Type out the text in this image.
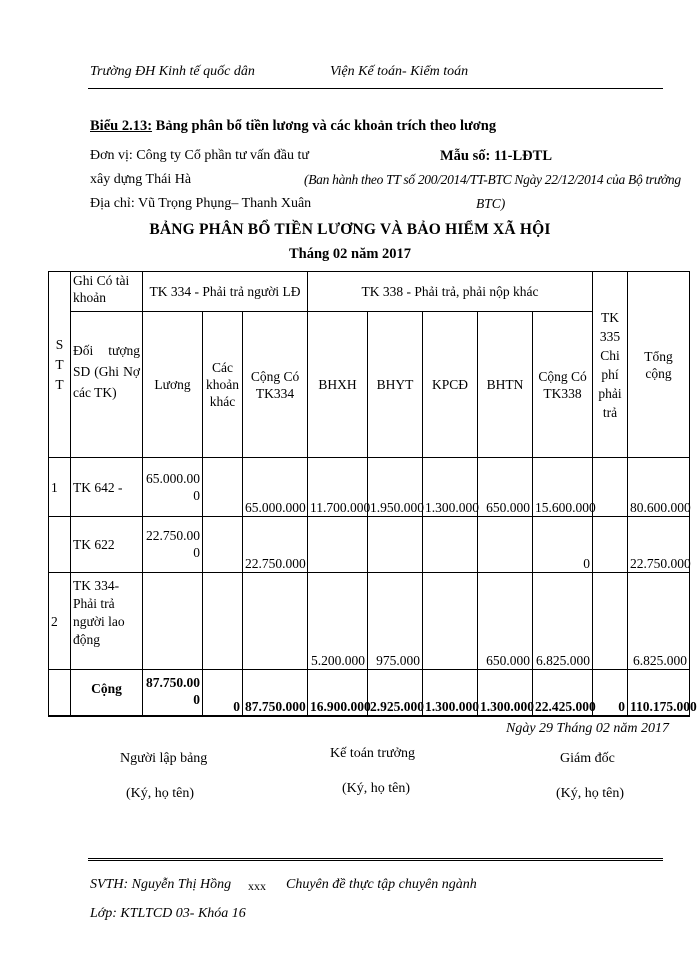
Trường ĐH Kinh tế quốc dân	Viện Kế toán- Kiểm toán
Biểu 2.13: Bảng phân bổ tiền lương và các khoản trích theo lương
Đơn vị: Công ty Cổ phần tư vấn đầu tư
xây dựng Thái Hà
Địa chỉ: Vũ Trọng Phụng– Thanh Xuân
Mẫu số: 11-LĐTL
(Ban hành theo TT số 200/2014/TT-BTC Ngày 22/12/2014 của Bộ trưởng
BTC)
BẢNG PHÂN BỔ TIỀN LƯƠNG VÀ BẢO HIỂM XÃ HỘI
Tháng 02 năm 2017
S T T	Ghi Có tài khoản	TK 334 - Phải trả người LĐ			TK 338 - Phải trả, phải nộp khác					TK 335 Chi phí phải trả	Tổng cộng
	Đối tượng SD (Ghi Nợ các TK)	Lương	Các khoản khác	Cộng Có TK334	BHXH	BHYT	KPCĐ	BHTN	Cộng Có TK338		
1	TK 642 -	65.000.000		65.000.000	11.700.000	1.950.000	1.300.000	650.000	15.600.000		80.600.000
	TK 622	22.750.000		22.750.000					0		22.750.000
2	TK 334- Phải trả người lao động				5.200.000	975.000		650.000	6.825.000		6.825.000
	Cộng	87.750.000	0	87.750.000	16.900.000	2.925.000	1.300.000	1.300.000	22.425.000	0	110.175.000
Ngày 29 Tháng 02 năm 2017
Người lập bảng
(Ký, họ tên)
Kế toán trưởng
(Ký, họ tên)
Giám đốc
(Ký, họ tên)
SVTH: Nguyễn Thị Hồng xxx Chuyên đề thực tập chuyên ngành
Lớp: KTLTCD 03- Khóa 16
